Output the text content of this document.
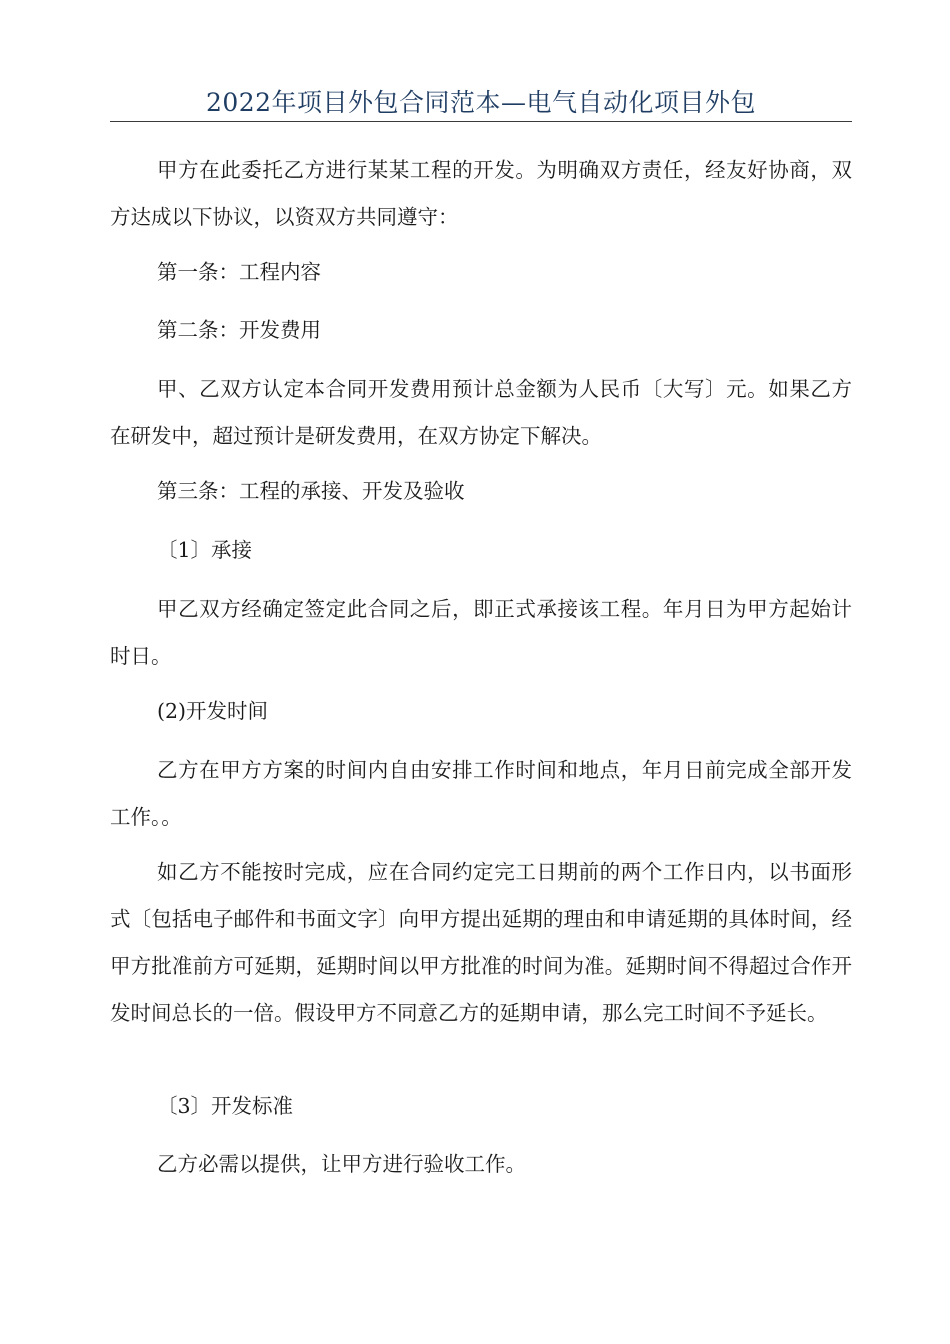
2022年项目外包合同范本—电气自动化项目外包

甲方在此委托乙方进行某某工程的开发。为明确双方责任，经友好协商，双方达成以下协议，以资双方共同遵守：

第一条：工程内容

第二条：开发费用

甲、乙双方认定本合同开发费用预计总金额为人民币〔大写〕元。如果乙方在研发中，超过预计是研发费用，在双方协定下解决。

第三条：工程的承接、开发及验收

〔1〕承接

甲乙双方经确定签定此合同之后，即正式承接该工程。年月日为甲方起始计时日。

(2)开发时间

乙方在甲方方案的时间内自由安排工作时间和地点，年月日前完成全部开发工作。。

如乙方不能按时完成，应在合同约定完工日期前的两个工作日内，以书面形式〔包括电子邮件和书面文字〕向甲方提出延期的理由和申请延期的具体时间，经甲方批准前方可延期，延期时间以甲方批准的时间为准。延期时间不得超过合作开发时间总长的一倍。假设甲方不同意乙方的延期申请，那么完工时间不予延长。

〔3〕开发标准

乙方必需以提供，让甲方进行验收工作。
